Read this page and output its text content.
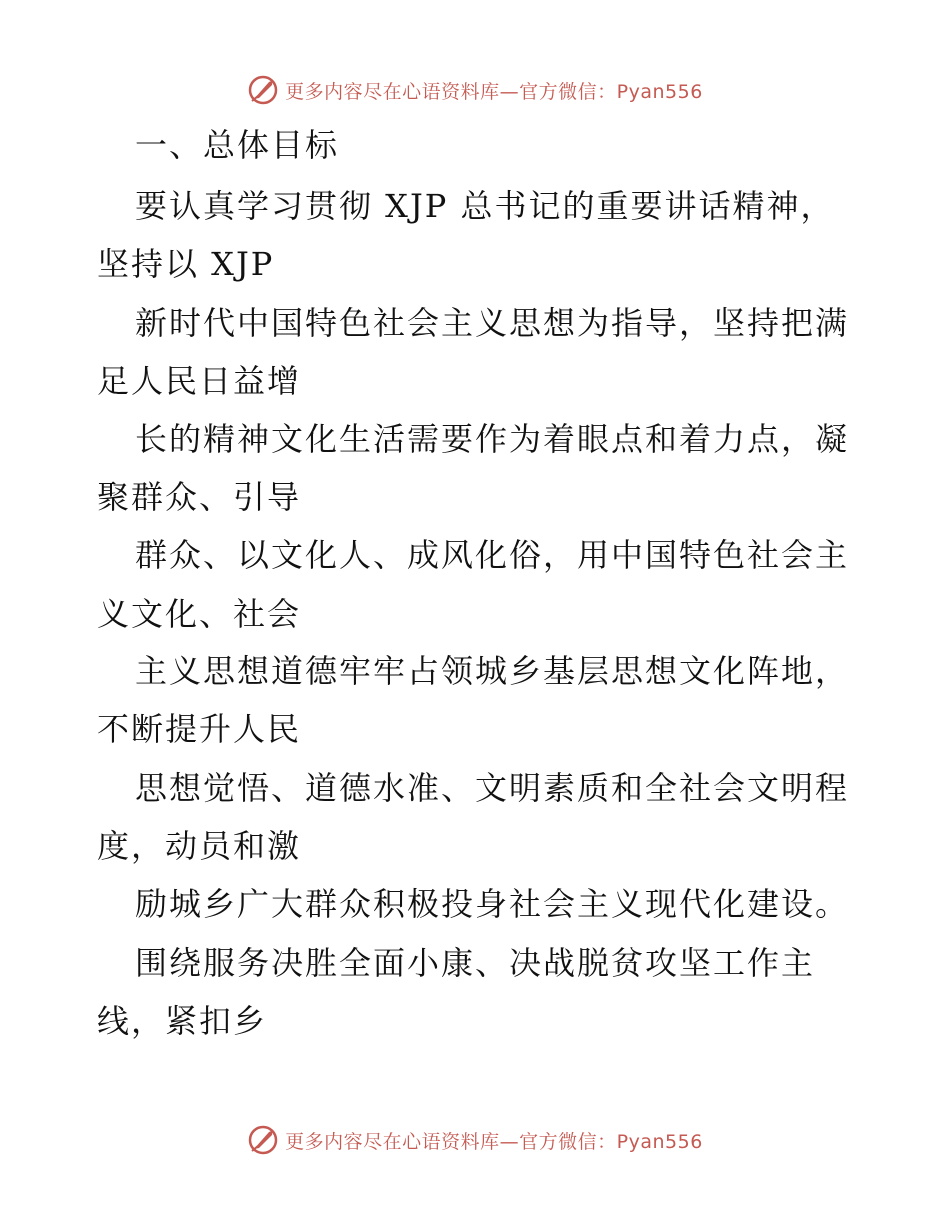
更多内容尽在心语资料库—官方微信：Pyan556
一、总体目标
要认真学习贯彻 XJP 总书记的重要讲话精神，
坚持以 XJP
新时代中国特色社会主义思想为指导，坚持把满
足人民日益增
长的精神文化生活需要作为着眼点和着力点，凝
聚群众、引导
群众、以文化人、成风化俗，用中国特色社会主
义文化、社会
主义思想道德牢牢占领城乡基层思想文化阵地，
不断提升人民
思想觉悟、道德水准、文明素质和全社会文明程
度，动员和激
励城乡广大群众积极投身社会主义现代化建设。
围绕服务决胜全面小康、决战脱贫攻坚工作主
线，紧扣乡
更多内容尽在心语资料库—官方微信：Pyan556
